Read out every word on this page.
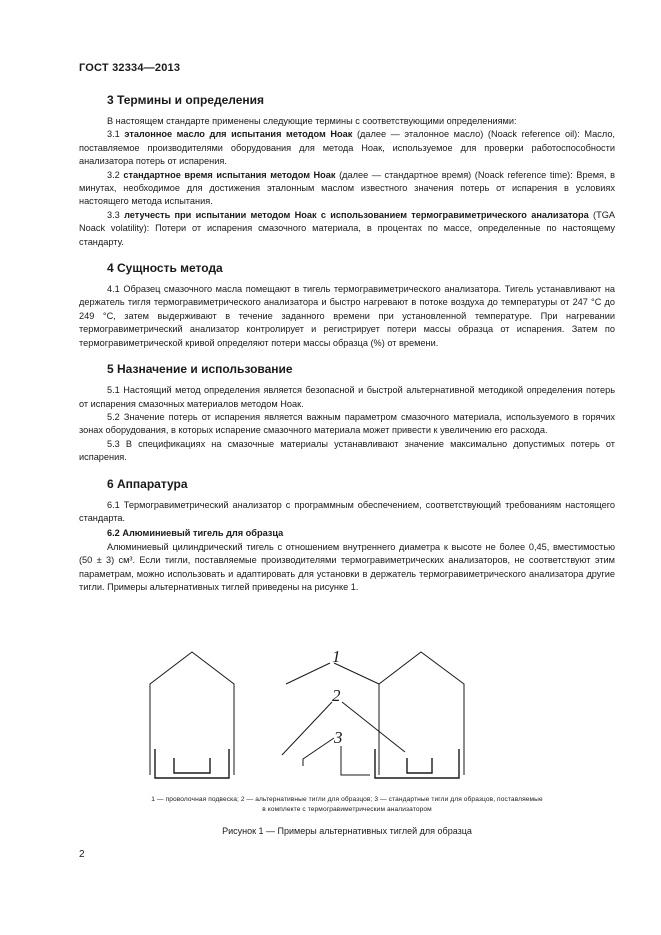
ГОСТ 32334—2013
3 Термины и определения

В настоящем стандарте применены следующие термины с соответствующими определениями:

3.1 эталонное масло для испытания методом Ноак (далее — эталонное масло) (Noack reference oil): Масло, поставляемое производителями оборудования для метода Ноак, используемое для проверки работоспособности анализатора потерь от испарения.

3.2 стандартное время испытания методом Ноак (далее — стандартное время) (Noack reference time): Время, в минутах, необходимое для достижения эталонным маслом известного значения потерь от испарения в условиях настоящего метода испытания.

3.3 летучесть при испытании методом Ноак с использованием термогравиметрического анализатора (TGA Noack volatility): Потери от испарения смазочного материала, в процентах по массе, определенные по настоящему стандарту.

4 Сущность метода

4.1 Образец смазочного масла помещают в тигель термогравиметрического анализатора. Тигель устанавливают на держатель тигля термогравиметрического анализатора и быстро нагревают в потоке воздуха до температуры от 247 °С до 249 °С, затем выдерживают в течение заданного времени при установленной температуре. При нагревании термогравиметрический анализатор контролирует и регистрирует потери массы образца от испарения. Затем по термогравиметрической кривой определяют потери массы образца (%) от времени.

5 Назначение и использование

5.1 Настоящий метод определения является безопасной и быстрой альтернативной методикой определения потерь от испарения смазочных материалов методом Ноак.

5.2 Значение потерь от испарения является важным параметром смазочного материала, используемого в горячих зонах оборудования, в которых испарение смазочного материала может привести к увеличению его расхода.

5.3 В спецификациях на смазочные материалы устанавливают значение максимально допустимых потерь от испарения.

6 Аппаратура

6.1 Термогравиметрический анализатор с программным обеспечением, соответствующий требованиям настоящего стандарта.

6.2 Алюминиевый тигель для образца

Алюминиевый цилиндрический тигель с отношением внутреннего диаметра к высоте не более 0,45, вместимостью (50 ± 3) см³. Если тигли, поставляемые производителями термогравиметрических анализаторов, не соответствуют этим параметрам, можно использовать и адаптировать для установки в держатель термогравиметрического анализатора другие тигли. Примеры альтернативных тиглей приведены на рисунке 1.

1
2
3
1 — проволочная подвеска; 2 — альтернативные тигли для образцов; 3 — стандартные тигли для образцов, поставляемые
в комплекте с термогравиметрическим анализатором
Рисунок 1 — Примеры альтернативных тиглей для образца
2
